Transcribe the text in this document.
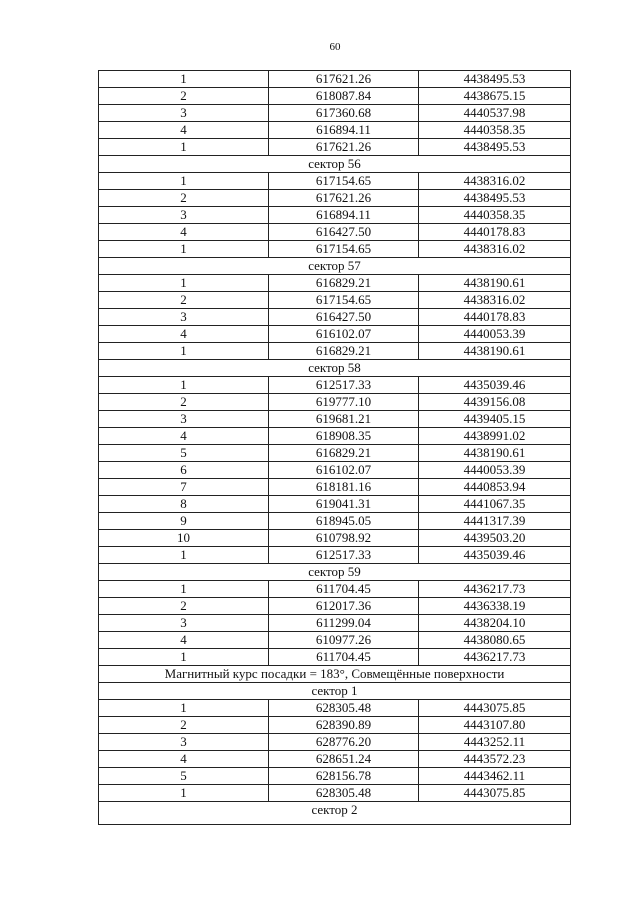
60
1	617621.26	4438495.53
2	618087.84	4438675.15
3	617360.68	4440537.98
4	616894.11	4440358.35
1	617621.26	4438495.53
сектор 56		
1	617154.65	4438316.02
2	617621.26	4438495.53
3	616894.11	4440358.35
4	616427.50	4440178.83
1	617154.65	4438316.02
сектор 57		
1	616829.21	4438190.61
2	617154.65	4438316.02
3	616427.50	4440178.83
4	616102.07	4440053.39
1	616829.21	4438190.61
сектор 58		
1	612517.33	4435039.46
2	619777.10	4439156.08
3	619681.21	4439405.15
4	618908.35	4438991.02
5	616829.21	4438190.61
6	616102.07	4440053.39
7	618181.16	4440853.94
8	619041.31	4441067.35
9	618945.05	4441317.39
10	610798.92	4439503.20
1	612517.33	4435039.46
сектор 59		
1	611704.45	4436217.73
2	612017.36	4436338.19
3	611299.04	4438204.10
4	610977.26	4438080.65
1	611704.45	4436217.73
Магнитный курс посадки = 183°, Совмещённые поверхности		
сектор 1		
1	628305.48	4443075.85
2	628390.89	4443107.80
3	628776.20	4443252.11
4	628651.24	4443572.23
5	628156.78	4443462.11
1	628305.48	4443075.85
сектор 2		
